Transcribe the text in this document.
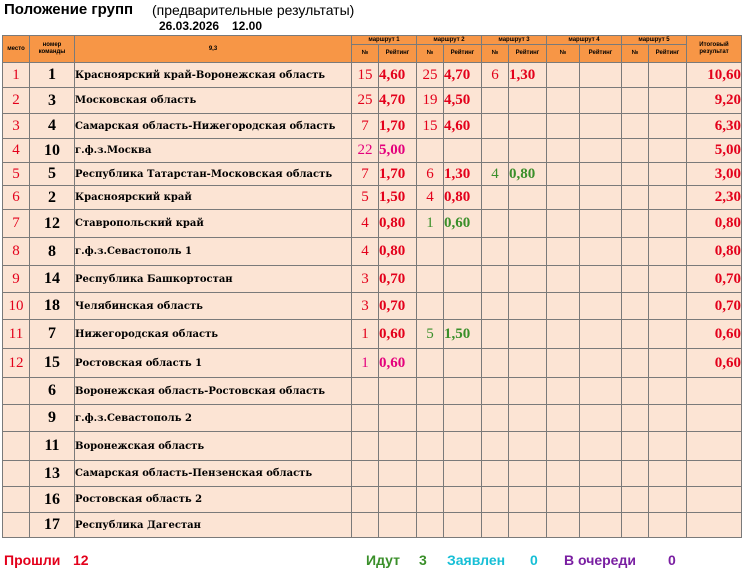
Положение групп (предварительные результаты)
26.03.2026 12.00
место	номер команды	9,3	маршрут 1		маршрут 2		маршрут 3		маршрут 4		маршрут 5		Итоговый результат
			№	Рейтинг	№	Рейтинг	№	Рейтинг	№	Рейтинг	№	Рейтинг	
1	1	Красноярский край-Воронежская область	15	4,60	25	4,70	6	1,30					10,60
2	3	Московская область	25	4,70	19	4,50							9,20
3	4	Самарская область-Нижегородская область	7	1,70	15	4,60							6,30
4	10	г.ф.з.Москва	22	5,00									5,00
5	5	Республика Татарстан-Московская область	7	1,70	6	1,30	4	0,80					3,00
6	2	Красноярский край	5	1,50	4	0,80							2,30
7	12	Ставропольский край	4	0,80	1	0,60							0,80
8	8	г.ф.з.Севастополь 1	4	0,80									0,80
9	14	Республика Башкортостан	3	0,70									0,70
10	18	Челябинская область	3	0,70									0,70
11	7	Нижегородская область	1	0,60	5	1,50							0,60
12	15	Ростовская область 1	1	0,60									0,60
	6	Воронежская область-Ростовская область											
	9	г.ф.з.Севастополь 2											
	11	Воронежская область											
	13	Самарская область-Пензенская область											
	16	Ростовская область 2											
	17	Республика Дагестан											
Прошли 12	Идут 3 Заявлен 0 В очереди 0
